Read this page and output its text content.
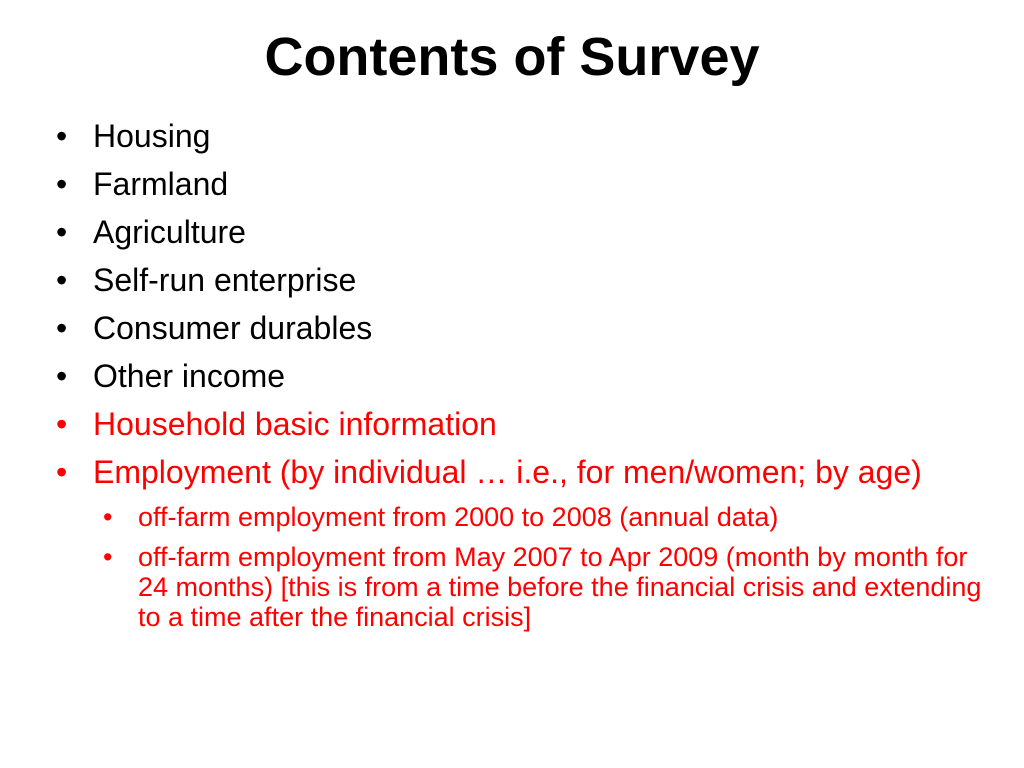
Contents of Survey
• Housing
• Farmland
• Agriculture
• Self-run enterprise
• Consumer durables
• Other income
• Household basic information
• Employment (by individual … i.e., for men/women; by age)
• off-farm employment from 2000 to 2008 (annual data)
• off-farm employment from May 2007 to Apr 2009 (month by month for 24 months) [this is from a time before the financial crisis and extending to a time after the financial crisis]
